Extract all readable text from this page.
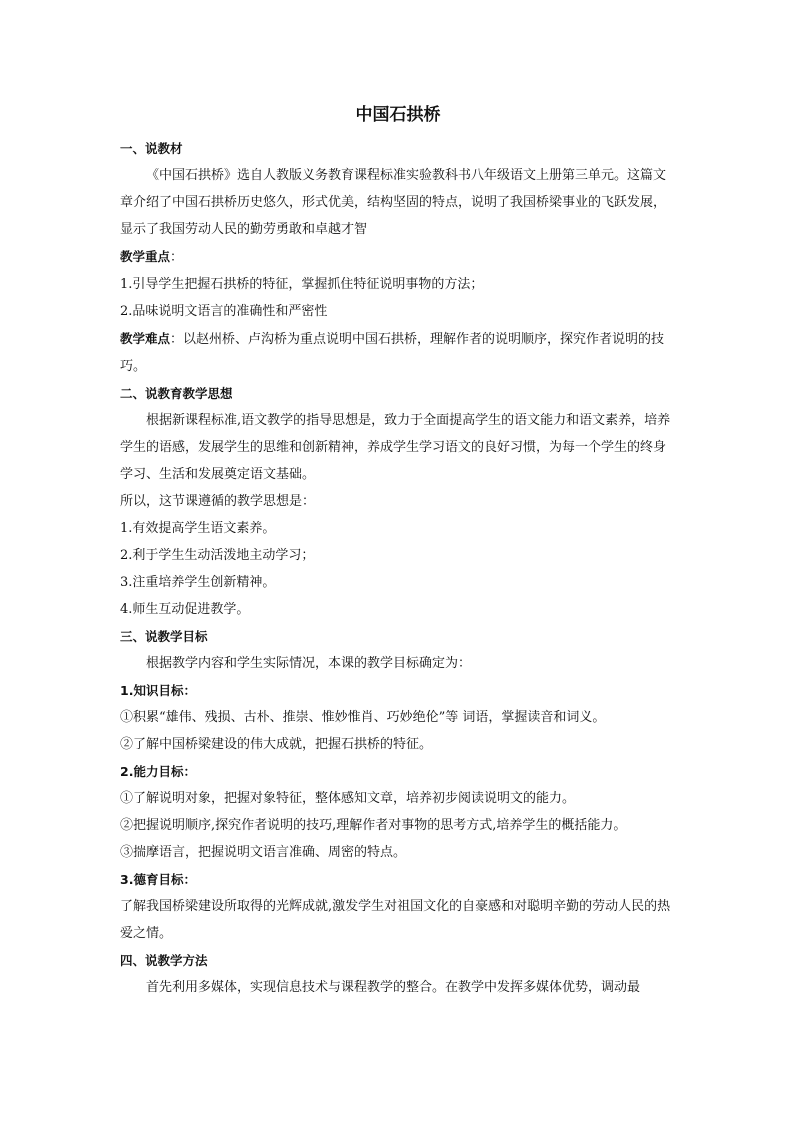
中国石拱桥

一、说教材

《中国石拱桥》选自人教版义务教育课程标准实验教科书八年级语文上册第三单元。这篇文章介绍了中国石拱桥历史悠久，形式优美，结构坚固的特点，说明了我国桥梁事业的飞跃发展，显示了我国劳动人民的勤劳勇敢和卓越才智

教学重点：

1.引导学生把握石拱桥的特征，掌握抓住特征说明事物的方法；

2.品味说明文语言的准确性和严密性

教学难点：以赵州桥、卢沟桥为重点说明中国石拱桥，理解作者的说明顺序，探究作者说明的技巧。

二、说教育教学思想

根据新课程标准,语文教学的指导思想是，致力于全面提高学生的语文能力和语文素养，培养学生的语感，发展学生的思维和创新精神，养成学生学习语文的良好习惯，为每一个学生的终身学习、生活和发展奠定语文基础。

所以，这节课遵循的教学思想是：

1.有效提高学生语文素养。

2.利于学生生动活泼地主动学习；

3.注重培养学生创新精神。

4.师生互动促进教学。

三、说教学目标

根据教学内容和学生实际情况，本课的教学目标确定为：

1.知识目标：

①积累“雄伟、残损、古朴、推崇、惟妙惟肖、巧妙绝伦”等 词语，掌握读音和词义。

②了解中国桥梁建设的伟大成就，把握石拱桥的特征。

2.能力目标：

①了解说明对象，把握对象特征，整体感知文章，培养初步阅读说明文的能力。

②把握说明顺序,探究作者说明的技巧,理解作者对事物的思考方式,培养学生的概括能力。

③揣摩语言，把握说明文语言准确、周密的特点。

3.德育目标：

了解我国桥梁建设所取得的光辉成就,激发学生对祖国文化的自豪感和对聪明辛勤的劳动人民的热爱之情。

四、说教学方法

首先利用多媒体，实现信息技术与课程教学的整合。在教学中发挥多媒体优势，调动最
